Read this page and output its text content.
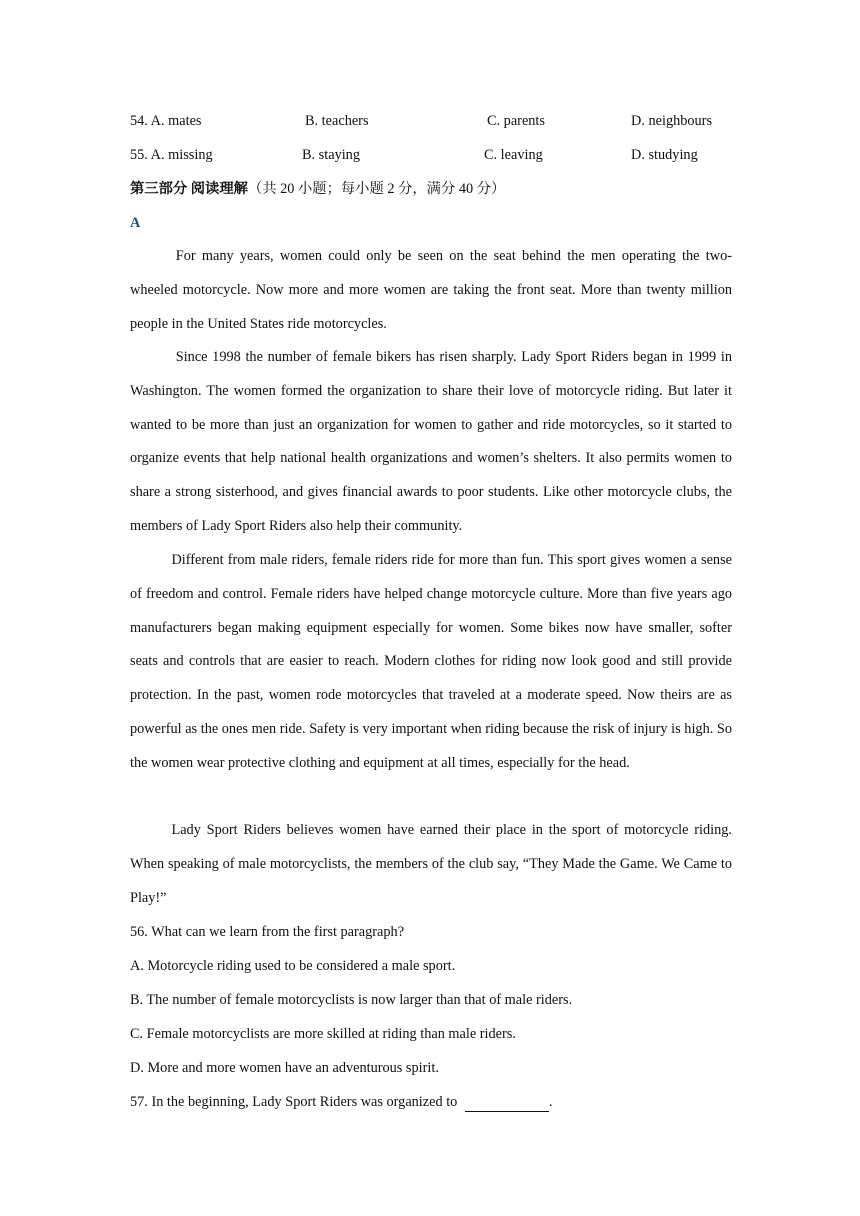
54. A. mates	B. teachers	C. parents	D. neighbours
55. A. missing	B. staying	C. leaving	D. studying
第三部分 阅读理解（共 20 小题；每小题 2 分，满分 40 分）
A

For many years, women could only be seen on the seat behind the men operating the two-wheeled motorcycle. Now more and more women are taking the front seat. More than twenty million people in the United States ride motorcycles.

Since 1998 the number of female bikers has risen sharply. Lady Sport Riders began in 1999 in Washington. The women formed the organization to share their love of motorcycle riding. But later it wanted to be more than just an organization for women to gather and ride motorcycles, so it started to organize events that help national health organizations and women’s shelters. It also permits women to share a strong sisterhood, and gives financial awards to poor students. Like other motorcycle clubs, the members of Lady Sport Riders also help their community.

Different from male riders, female riders ride for more than fun. This sport gives women a sense of freedom and control. Female riders have helped change motorcycle culture. More than five years ago manufacturers began making equipment especially for women. Some bikes now have smaller, softer seats and controls that are easier to reach. Modern clothes for riding now look good and still provide protection. In the past, women rode motorcycles that traveled at a moderate speed. Now theirs are as powerful as the ones men ride. Safety is very important when riding because the risk of injury is high. So the women wear protective clothing and equipment at all times, especially for the head.

Lady Sport Riders believes women have earned their place in the sport of motorcycle riding. When speaking of male motorcyclists, the members of the club say, “They Made the Game. We Came to Play!”

56. What can we learn from the first paragraph?
A. Motorcycle riding used to be considered a male sport.
B. The number of female motorcyclists is now larger than that of male riders.
C. Female motorcyclists are more skilled at riding than male riders.
D. More and more women have an adventurous spirit.
57. In the beginning, Lady Sport Riders was organized to	.
